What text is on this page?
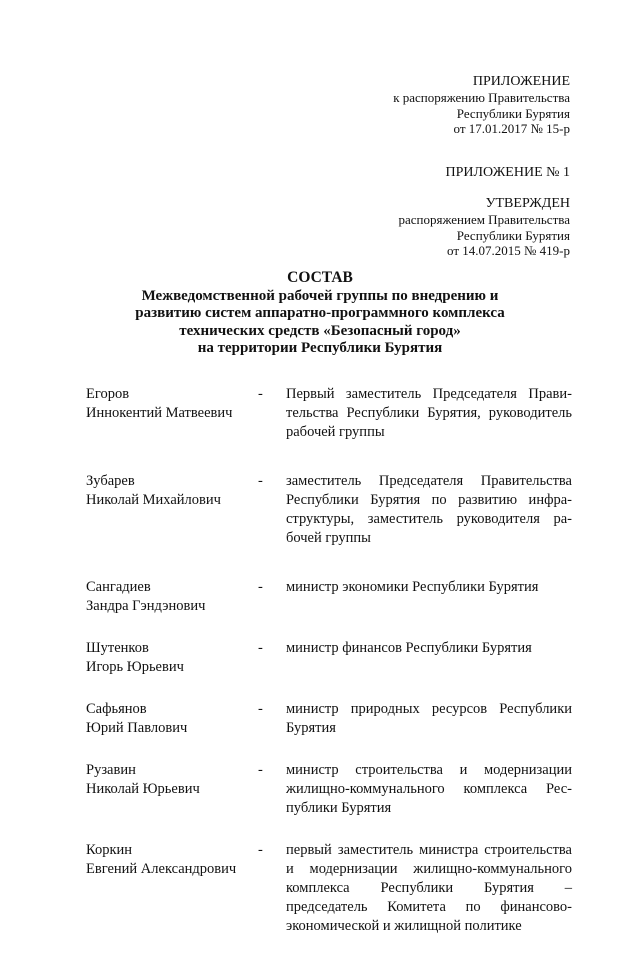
ПРИЛОЖЕНИЕ
к распоряжению Правительства
Республики Бурятия
от 17.01.2017 № 15-р
ПРИЛОЖЕНИЕ № 1
УТВЕРЖДЕН
распоряжением Правительства
Республики Бурятия
от 14.07.2015 № 419-р
СОСТАВ
Межведомственной рабочей группы по внедрению и
развитию систем аппаратно-программного комплекса
технических средств «Безопасный город»
на территории Республики Бурятия
Егоров
Иннокентий Матвеевич
-	Первый заместитель Председателя Правительства Республики Бурятия, руководитель рабочей группы
Зубарев
Николай Михайлович
-	заместитель Председателя Правительства Республики Бурятия по развитию инфраструктуры, заместитель руководителя рабочей группы
Сангадиев
Зандра Гэндэнович
-	министр экономики Республики Бурятия
Шутенков
Игорь Юрьевич
-	министр финансов Республики Бурятия
Сафьянов
Юрий Павлович
-	министр природных ресурсов Республики Бурятия
Рузавин
Николай Юрьевич
-	министр строительства и модернизации жилищно-коммунального комплекса Республики Бурятия
Коркин
Евгений Александрович
-	первый заместитель министра строительства и модернизации жилищно-коммунального комплекса Республики Бурятия – председатель Комитета по финансово-экономической и жилищной политике
